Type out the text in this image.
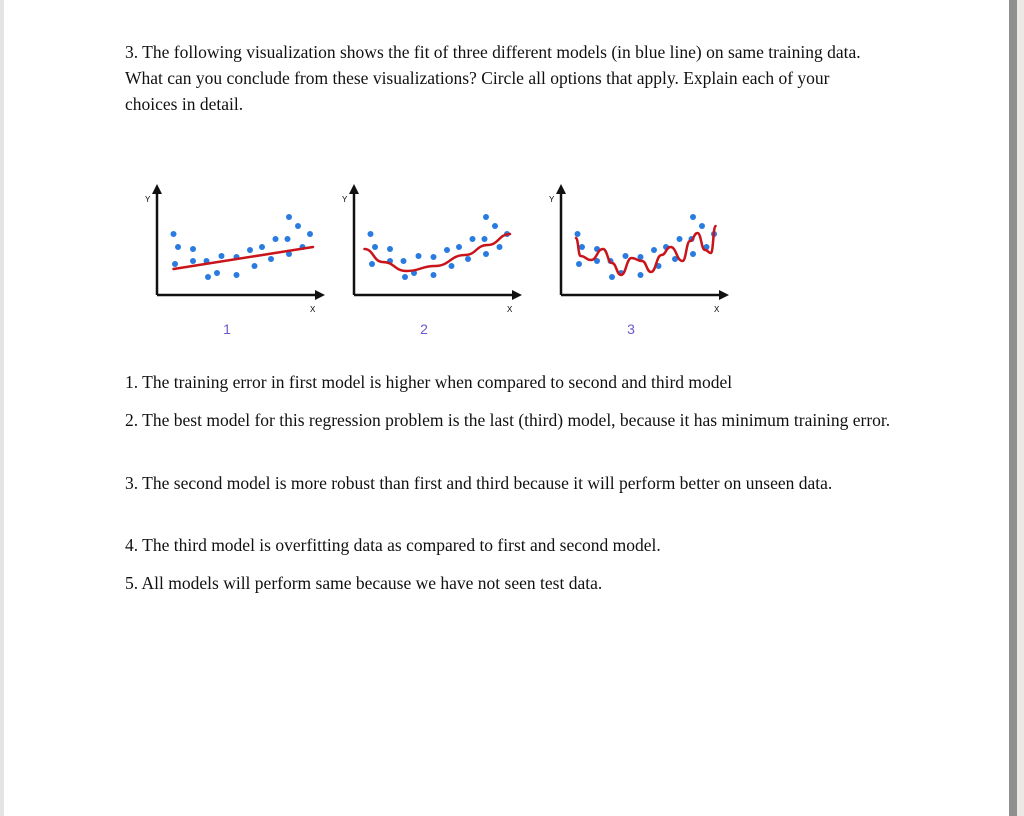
3. The following visualization shows the fit of three different models (in blue line) on same training data. What can you conclude from these visualizations? Circle all options that apply. Explain each of your choices in detail.
Y
X
1
Y
X
2
Y
X
3
1. The training error in first model is higher when compared to second and third model
2. The best model for this regression problem is the last (third) model, because it has minimum training error.
3. The second model is more robust than first and third because it will perform better on unseen data.
4. The third model is overfitting data as compared to first and second model.
5. All models will perform same because we have not seen test data.
